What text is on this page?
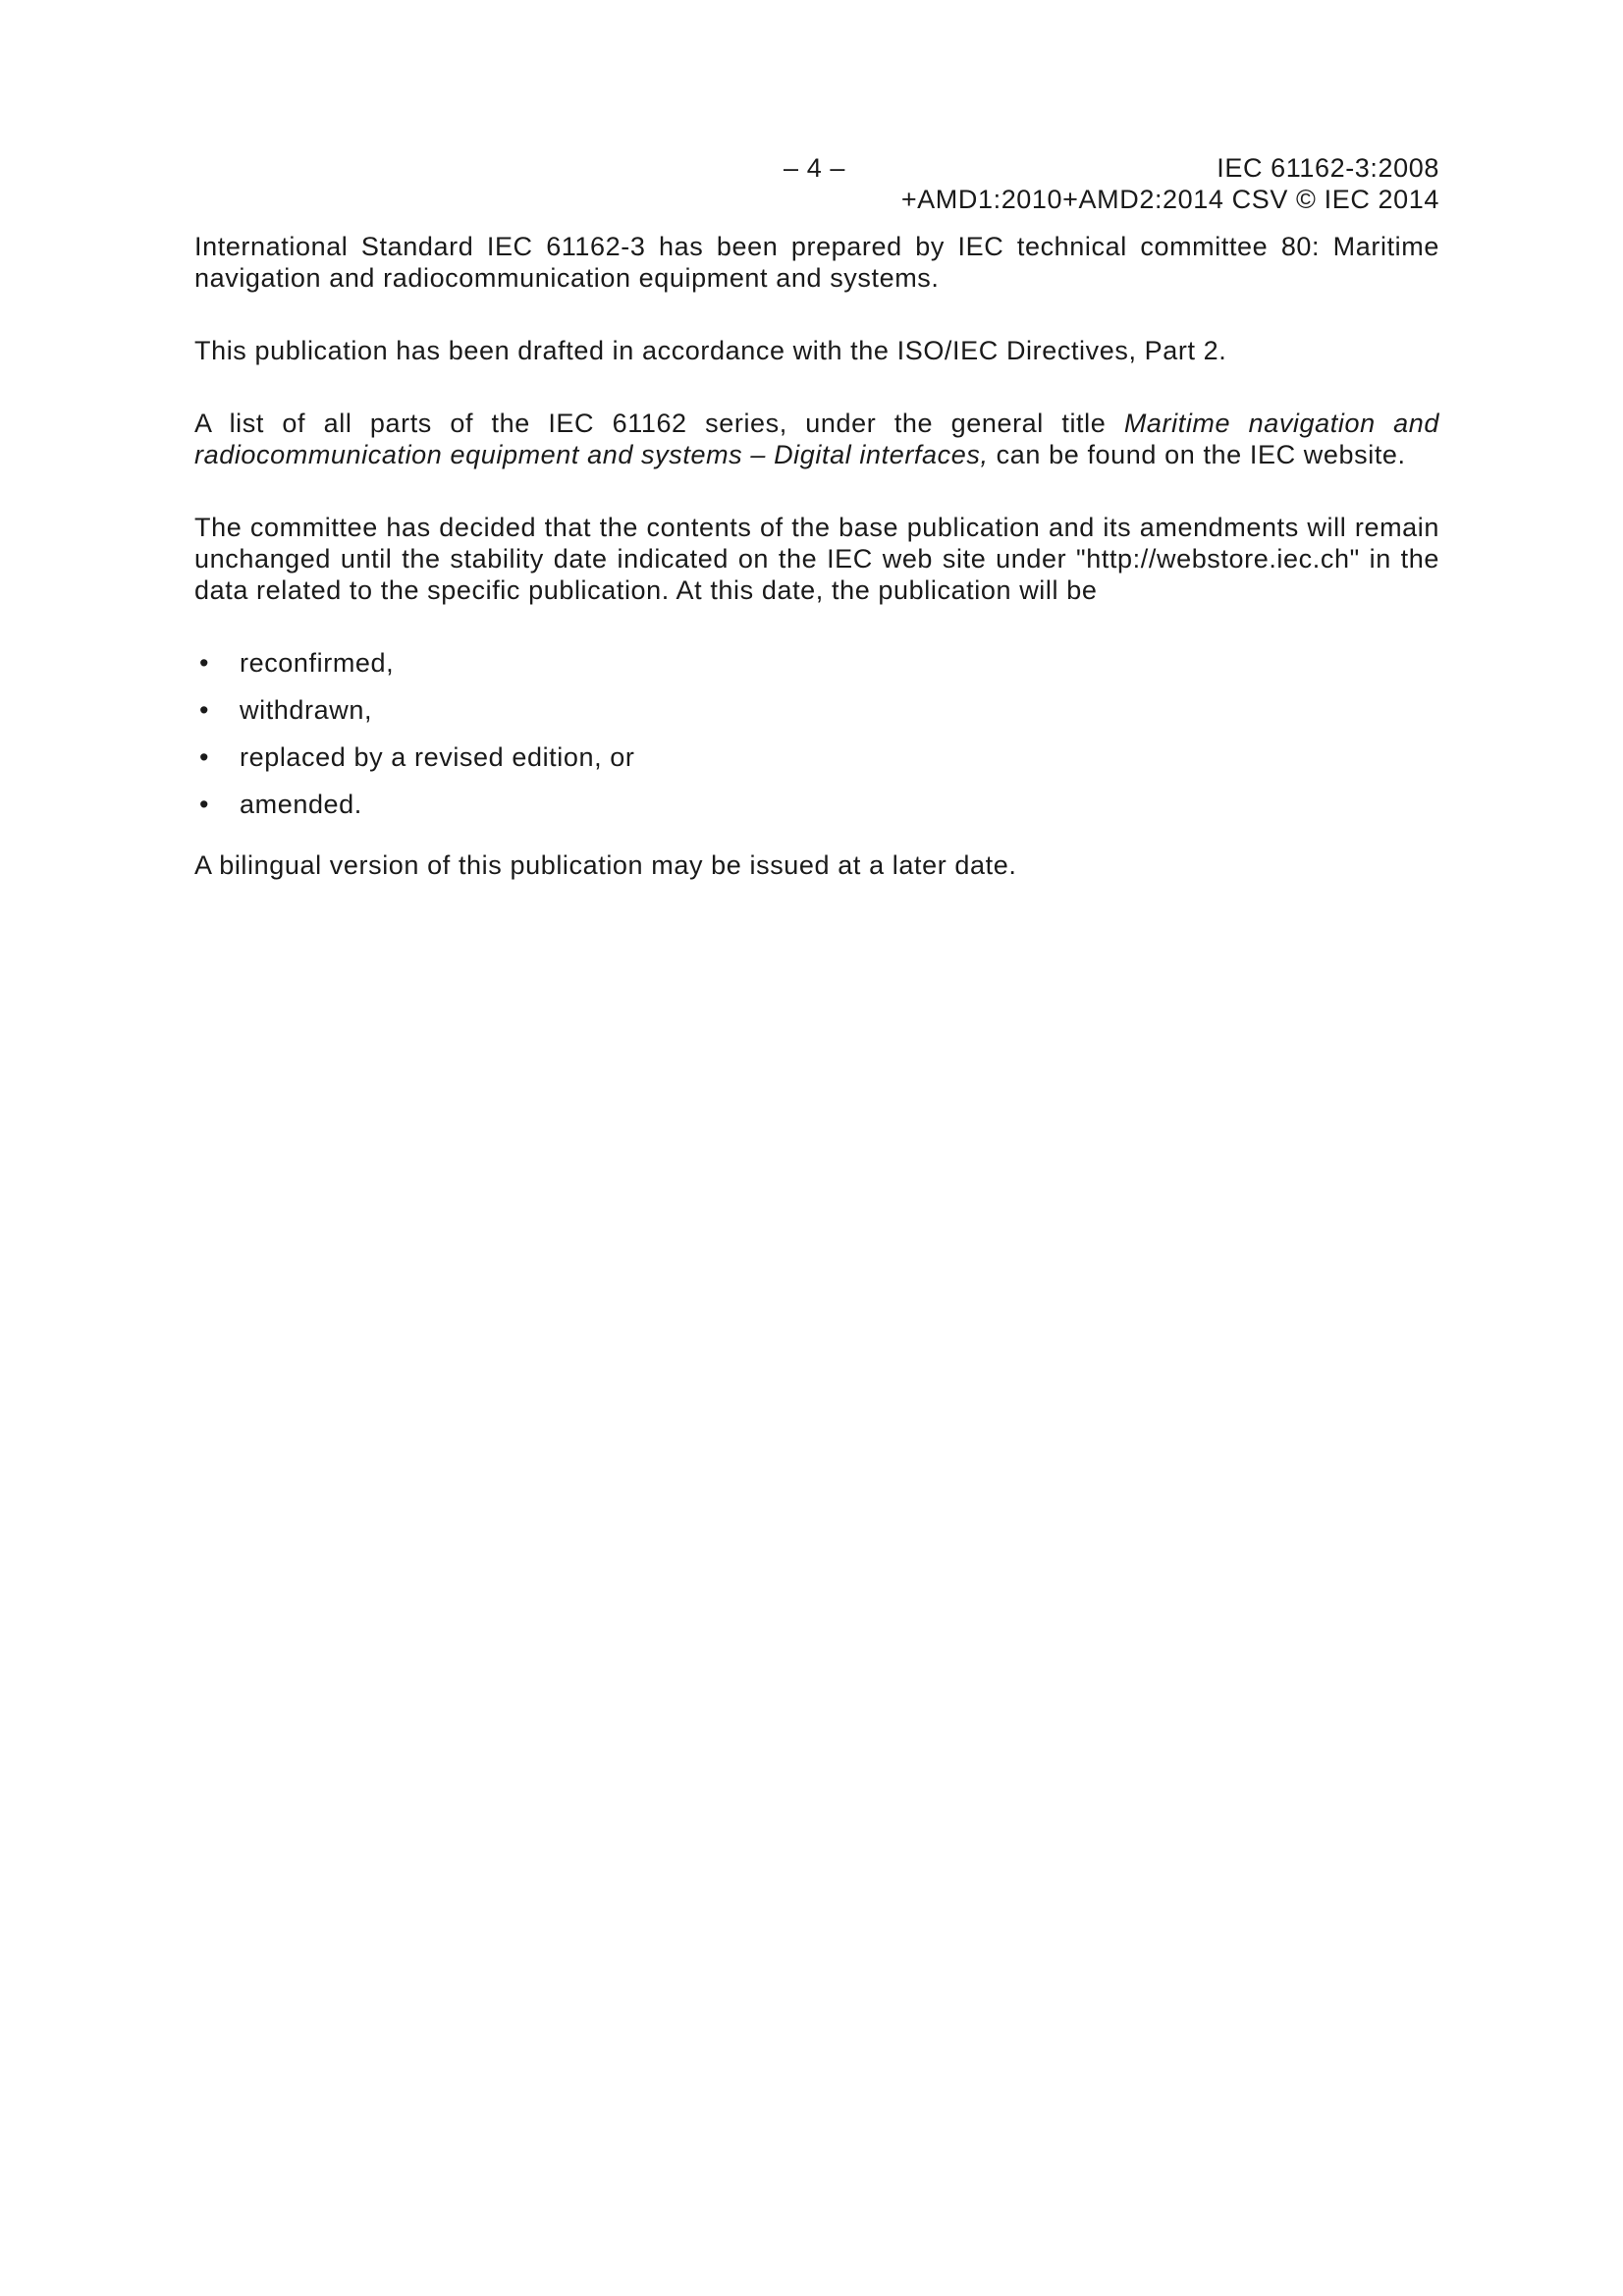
– 4 –	IEC 61162-3:2008
+AMD1:2010+AMD2:2014 CSV © IEC 2014

International Standard IEC 61162-3 has been prepared by IEC technical committee 80: Maritime navigation and radiocommunication equipment and systems.

This publication has been drafted in accordance with the ISO/IEC Directives, Part 2.

A list of all parts of the IEC 61162 series, under the general title Maritime navigation and radiocommunication equipment and systems – Digital interfaces, can be found on the IEC website.

The committee has decided that the contents of the base publication and its amendments will remain unchanged until the stability date indicated on the IEC web site under "http://webstore.iec.ch" in the data related to the specific publication. At this date, the publication will be

• reconfirmed,
• withdrawn,
• replaced by a revised edition, or
• amended.

A bilingual version of this publication may be issued at a later date.
